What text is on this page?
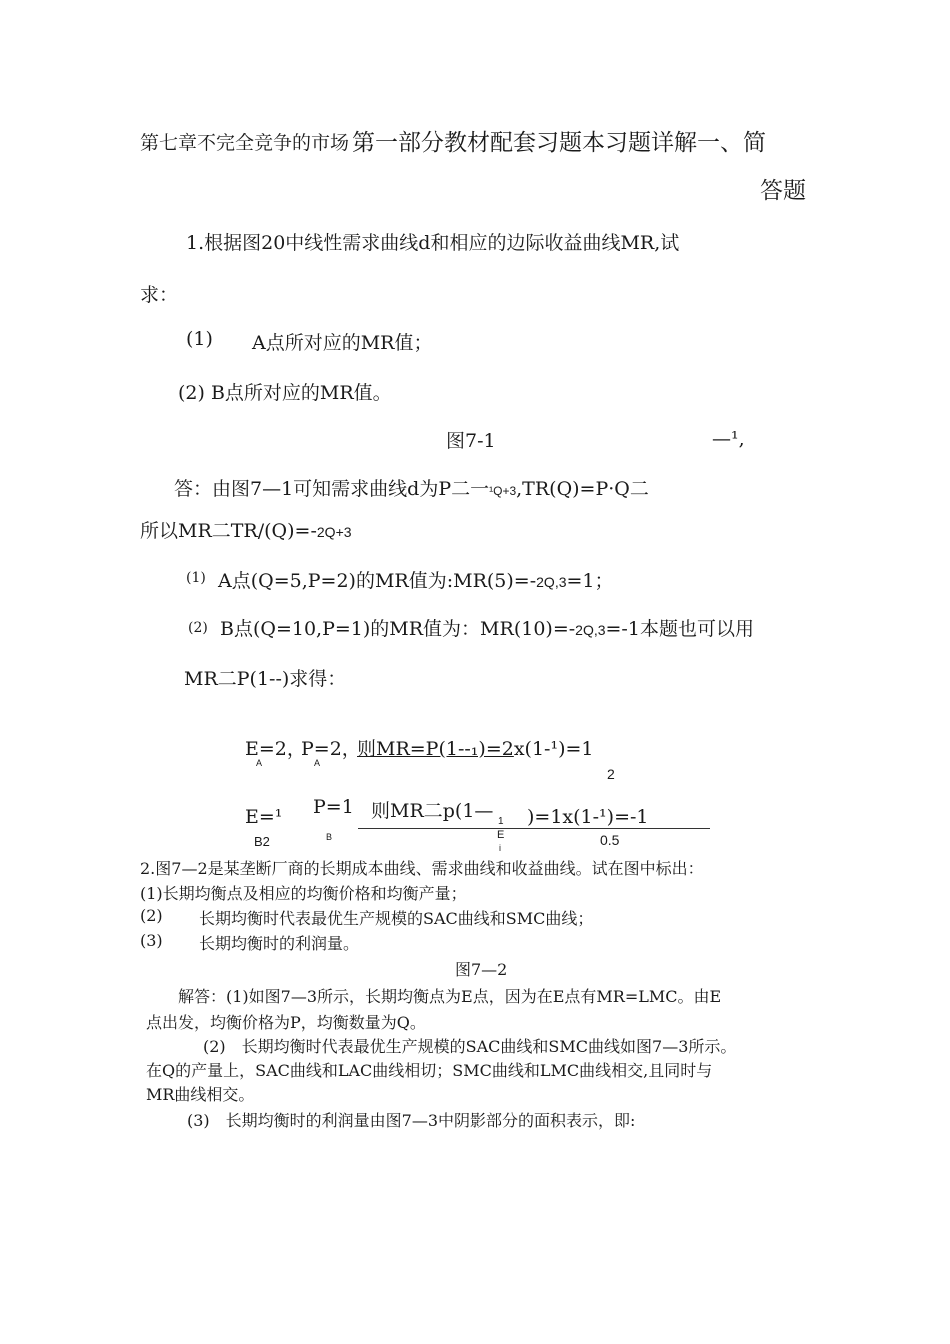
第七章不完全竞争的市场 第一部分教材配套习题本习题详解一、简
答题
1.根据图20中线性需求曲线d和相应的边际收益曲线MR,试
求：
(1) A点所对应的MR值；
(2) B点所对应的MR值。
图7-1	—¹,
答：由图7—1可知需求曲线d为P二一¹Q+3,TR(Q)=P·Q二
所以MR二TR/(Q)=-2Q+3
(1) A点(Q=5,P=2)的MR值为:MR(5)=-2Q,3=1；
(2) B点(Q=10,P=1)的MR值为：MR(10)=-2Q,3=-1本题也可以用
MR二P(1--)求得：
E=2，
P=2，
则MR=P(1--₁)=2x(1-¹)=1
A	A
2
E=¹
B2
P=1
B
则MR二p(1— 1 )=1x(1-¹)=-1
E
i	0.5
2.图7—2是某垄断厂商的长期成本曲线、需求曲线和收益曲线。试在图中标出：
(1)长期均衡点及相应的均衡价格和均衡产量；
(2) 长期均衡时代表最优生产规模的SAC曲线和SMC曲线；
(3) 长期均衡时的利润量。
图7—2
解答：(1)如图7—3所示，长期均衡点为E点，因为在E点有MR=LMC。由E
点出发，均衡价格为P，均衡数量为Q。
(2)　长期均衡时代表最优生产规模的SAC曲线和SMC曲线如图7—3所示。
在Q的产量上，SAC曲线和LAC曲线相切；SMC曲线和LMC曲线相交,且同时与
MR曲线相交。
(3)　长期均衡时的利润量由图7—3中阴影部分的面积表示，即:
